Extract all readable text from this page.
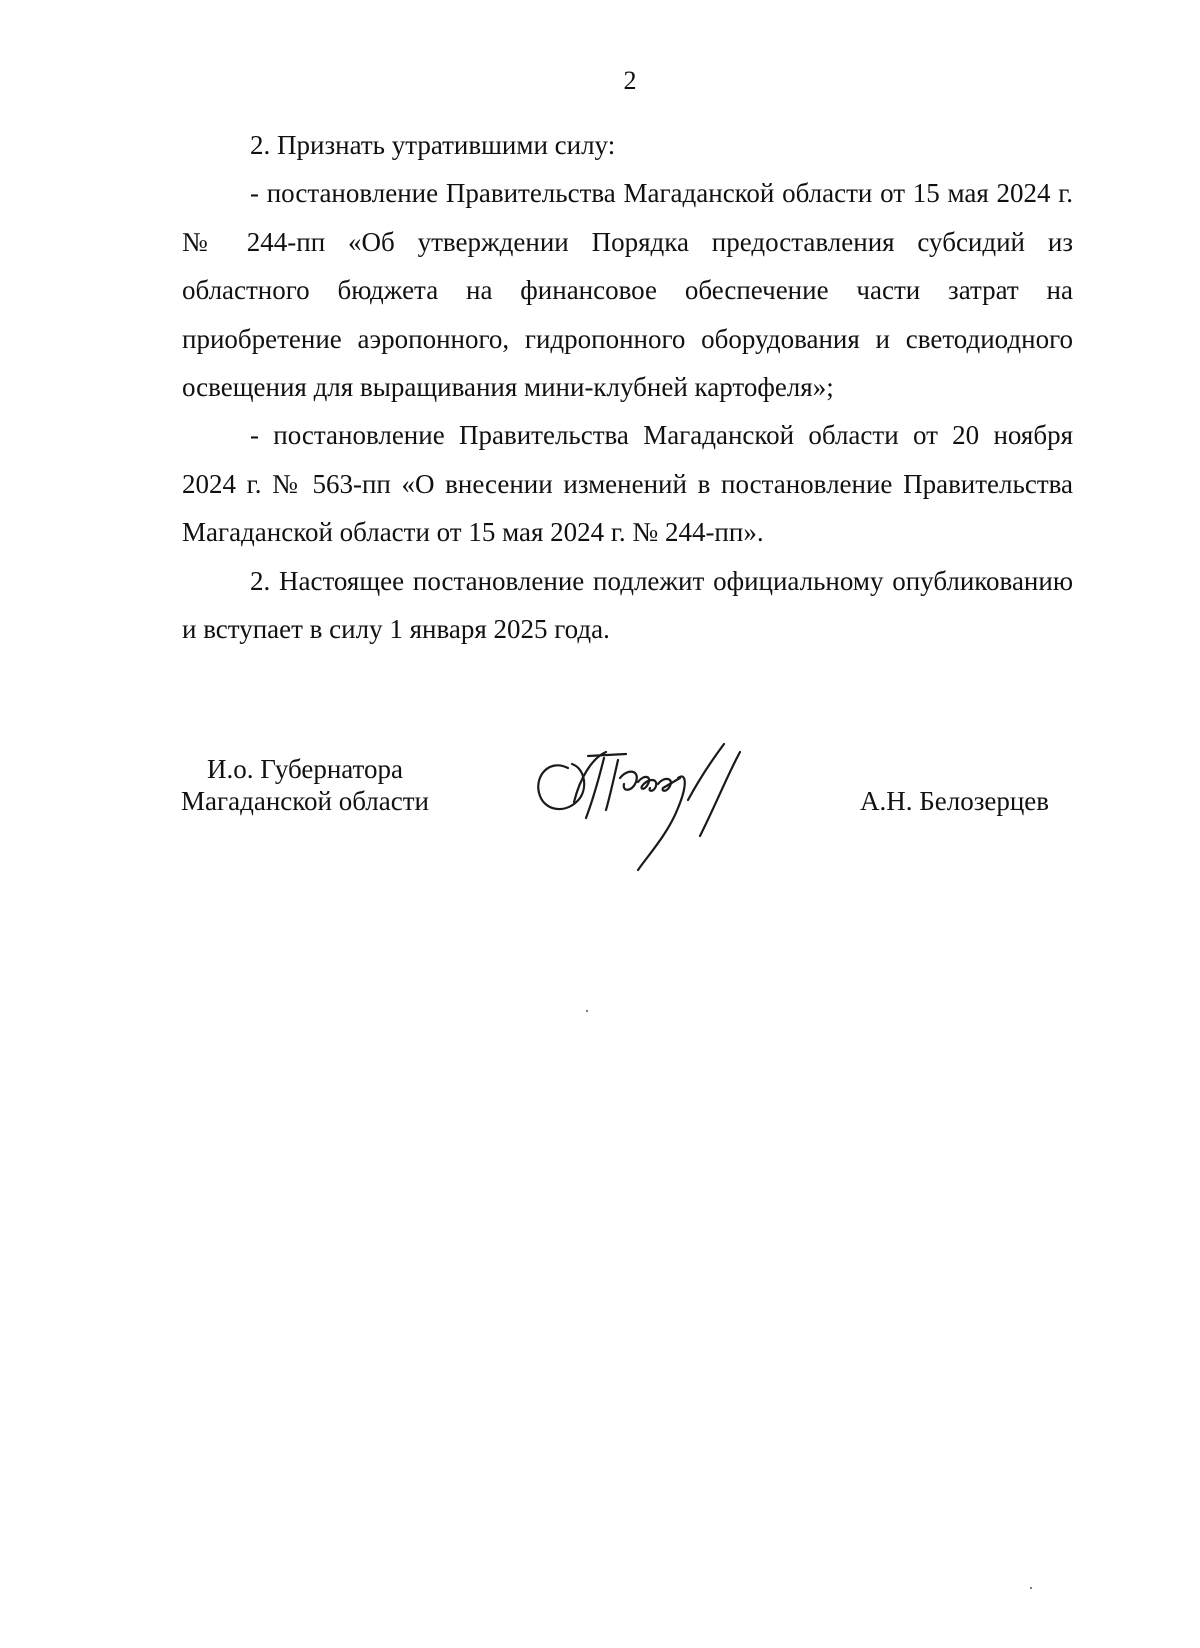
2

2. Признать утратившими силу:

- постановление Правительства Магаданской области от 15 мая 2024 г. № 244-пп «Об утверждении Порядка предоставления субсидий из областного бюджета на финансовое обеспечение части затрат на приобретение аэропонного, гидропонного оборудования и светодиодного освещения для выращивания мини-клубней картофеля»;

- постановление Правительства Магаданской области от 20 ноября 2024 г. № 563-пп «О внесении изменений в постановление Правительства Магаданской области от 15 мая 2024 г. № 244-пп».

2. Настоящее постановление подлежит официальному опубликованию и вступает в силу 1 января 2025 года.

И.о. Губернатора
Магаданской области	А.Н. Белозерцев
